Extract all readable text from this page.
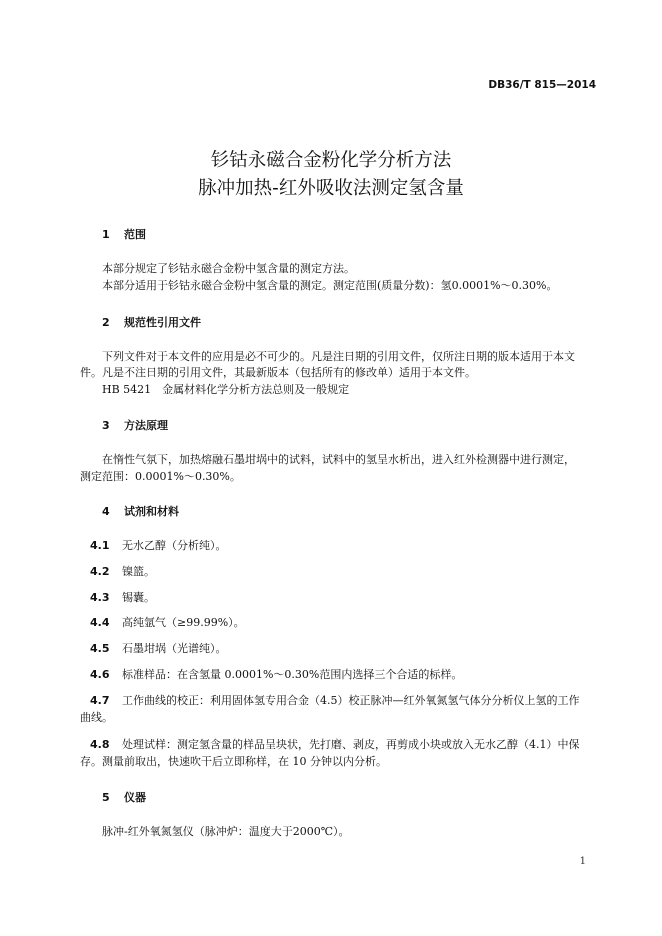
DB36/T 815—2014
钐钴永磁合金粉化学分析方法
脉冲加热-红外吸收法测定氢含量
1 范围
本部分规定了钐钴永磁合金粉中氢含量的测定方法。
本部分适用于钐钴永磁合金粉中氢含量的测定。测定范围(质量分数)：氢0.0001%～0.30%。
2 规范性引用文件
下列文件对于本文件的应用是必不可少的。凡是注日期的引用文件，仅所注日期的版本适用于本文
件。凡是不注日期的引用文件，其最新版本（包括所有的修改单）适用于本文件。
HB 5421　金属材料化学分析方法总则及一般规定
3 方法原理
在惰性气氛下，加热熔融石墨坩埚中的试料，试料中的氢呈水析出，进入红外检测器中进行测定，
测定范围：0.0001%～0.30%。
4 试剂和材料
4.1 无水乙醇（分析纯）。
4.2 镍篮。
4.3 锡囊。
4.4 高纯氩气（≥99.99%）。
4.5 石墨坩埚（光谱纯）。
4.6 标准样品：在含氢量 0.0001%～0.30%范围内选择三个合适的标样。
4.7 工作曲线的校正：利用固体氢专用合金（4.5）校正脉冲—红外氧氮氢气体分分析仪上氢的工作
曲线。
4.8 处理试样：测定氢含量的样品呈块状，先打磨、剥皮，再剪成小块或放入无水乙醇（4.1）中保
存。测量前取出，快速吹干后立即称样，在 10 分钟以内分析。
5 仪器
脉冲-红外氧氮氢仪（脉冲炉：温度大于2000℃）。
1
